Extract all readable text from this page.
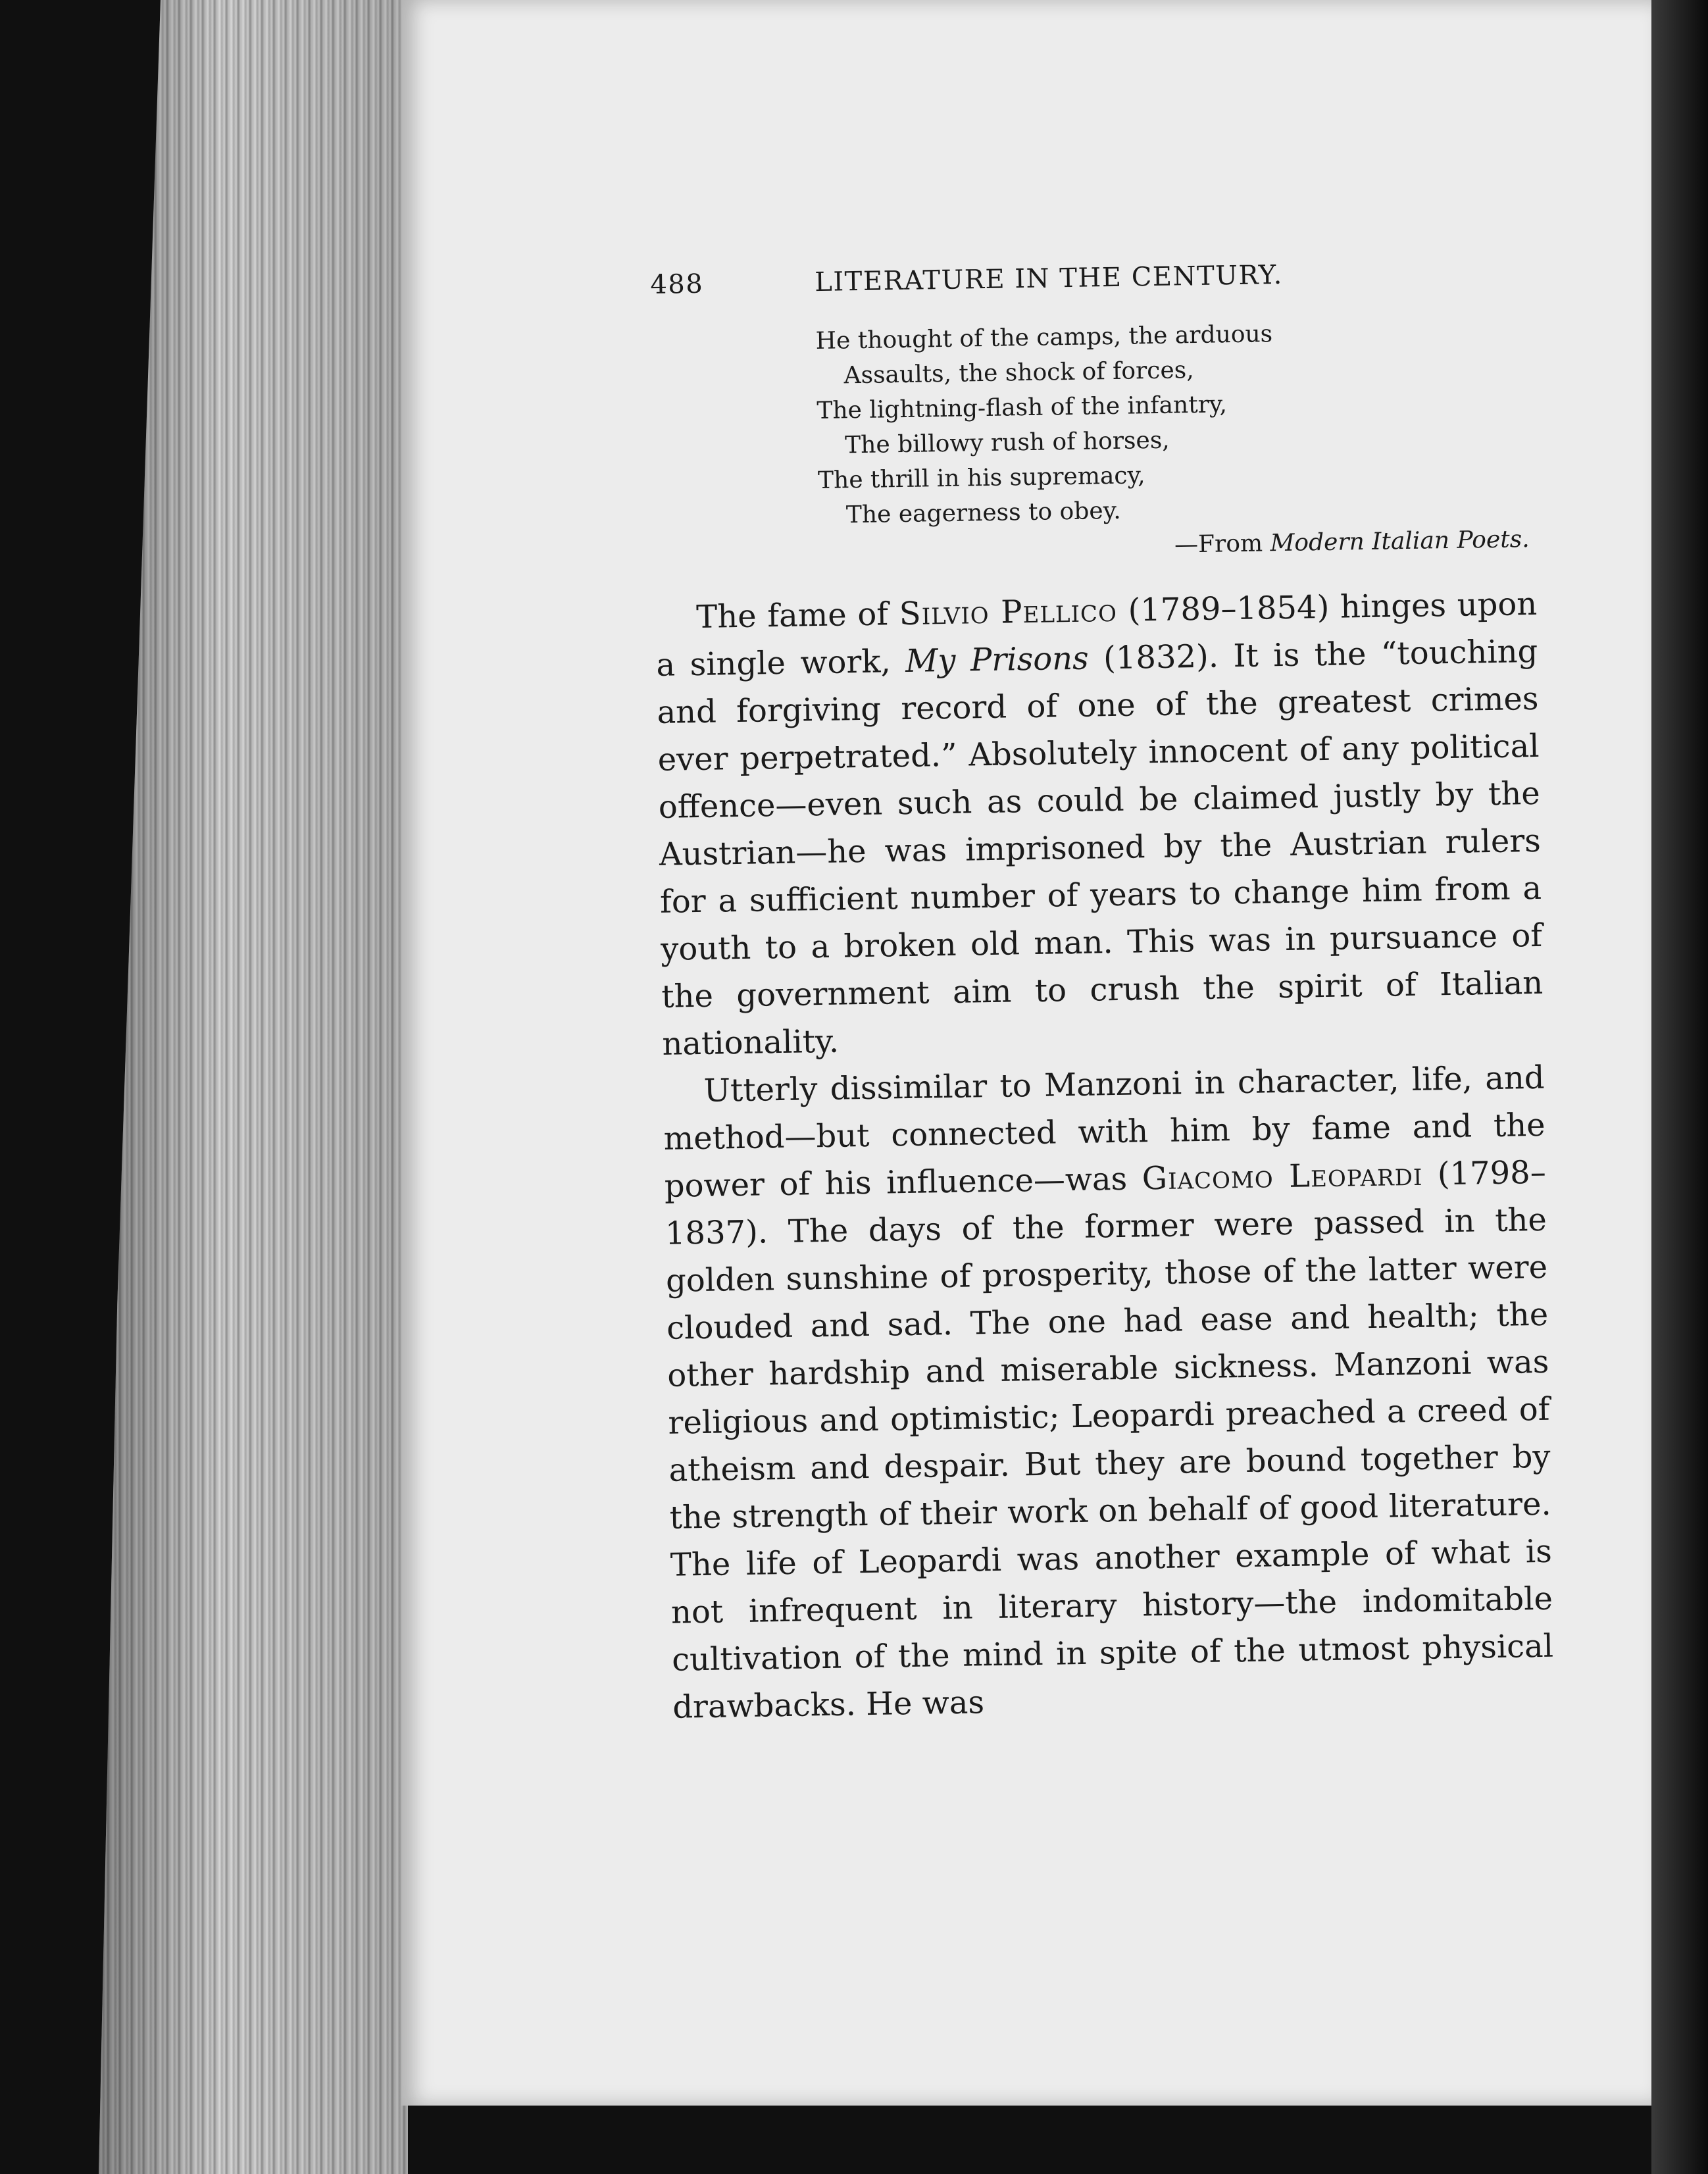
488	LITERATURE IN THE CENTURY.
He thought of the camps, the arduous
Assaults, the shock of forces,
The lightning-flash of the infantry,
The billowy rush of horses,
The thrill in his supremacy,
The eagerness to obey.
—From Modern Italian Poets.

The fame of Silvio Pellico (1789–1854) hinges upon a single work, My Prisons (1832). It is the “touching and forgiving record of one of the greatest crimes ever perpetrated.” Absolutely innocent of any political offence—even such as could be claimed justly by the Austrian—he was imprisoned by the Austrian rulers for a sufficient number of years to change him from a youth to a broken old man. This was in pursuance of the government aim to crush the spirit of Italian nationality.

Utterly dissimilar to Manzoni in character, life, and method—but connected with him by fame and the power of his influence—was Giacomo Leopardi (1798–1837). The days of the former were passed in the golden sunshine of prosperity, those of the latter were clouded and sad. The one had ease and health; the other hardship and miserable sickness. Manzoni was religious and optimistic; Leopardi preached a creed of atheism and despair. But they are bound together by the strength of their work on behalf of good literature. The life of Leopardi was another example of what is not infrequent in literary history—the indomitable cultivation of the mind in spite of the utmost physical drawbacks. He was
